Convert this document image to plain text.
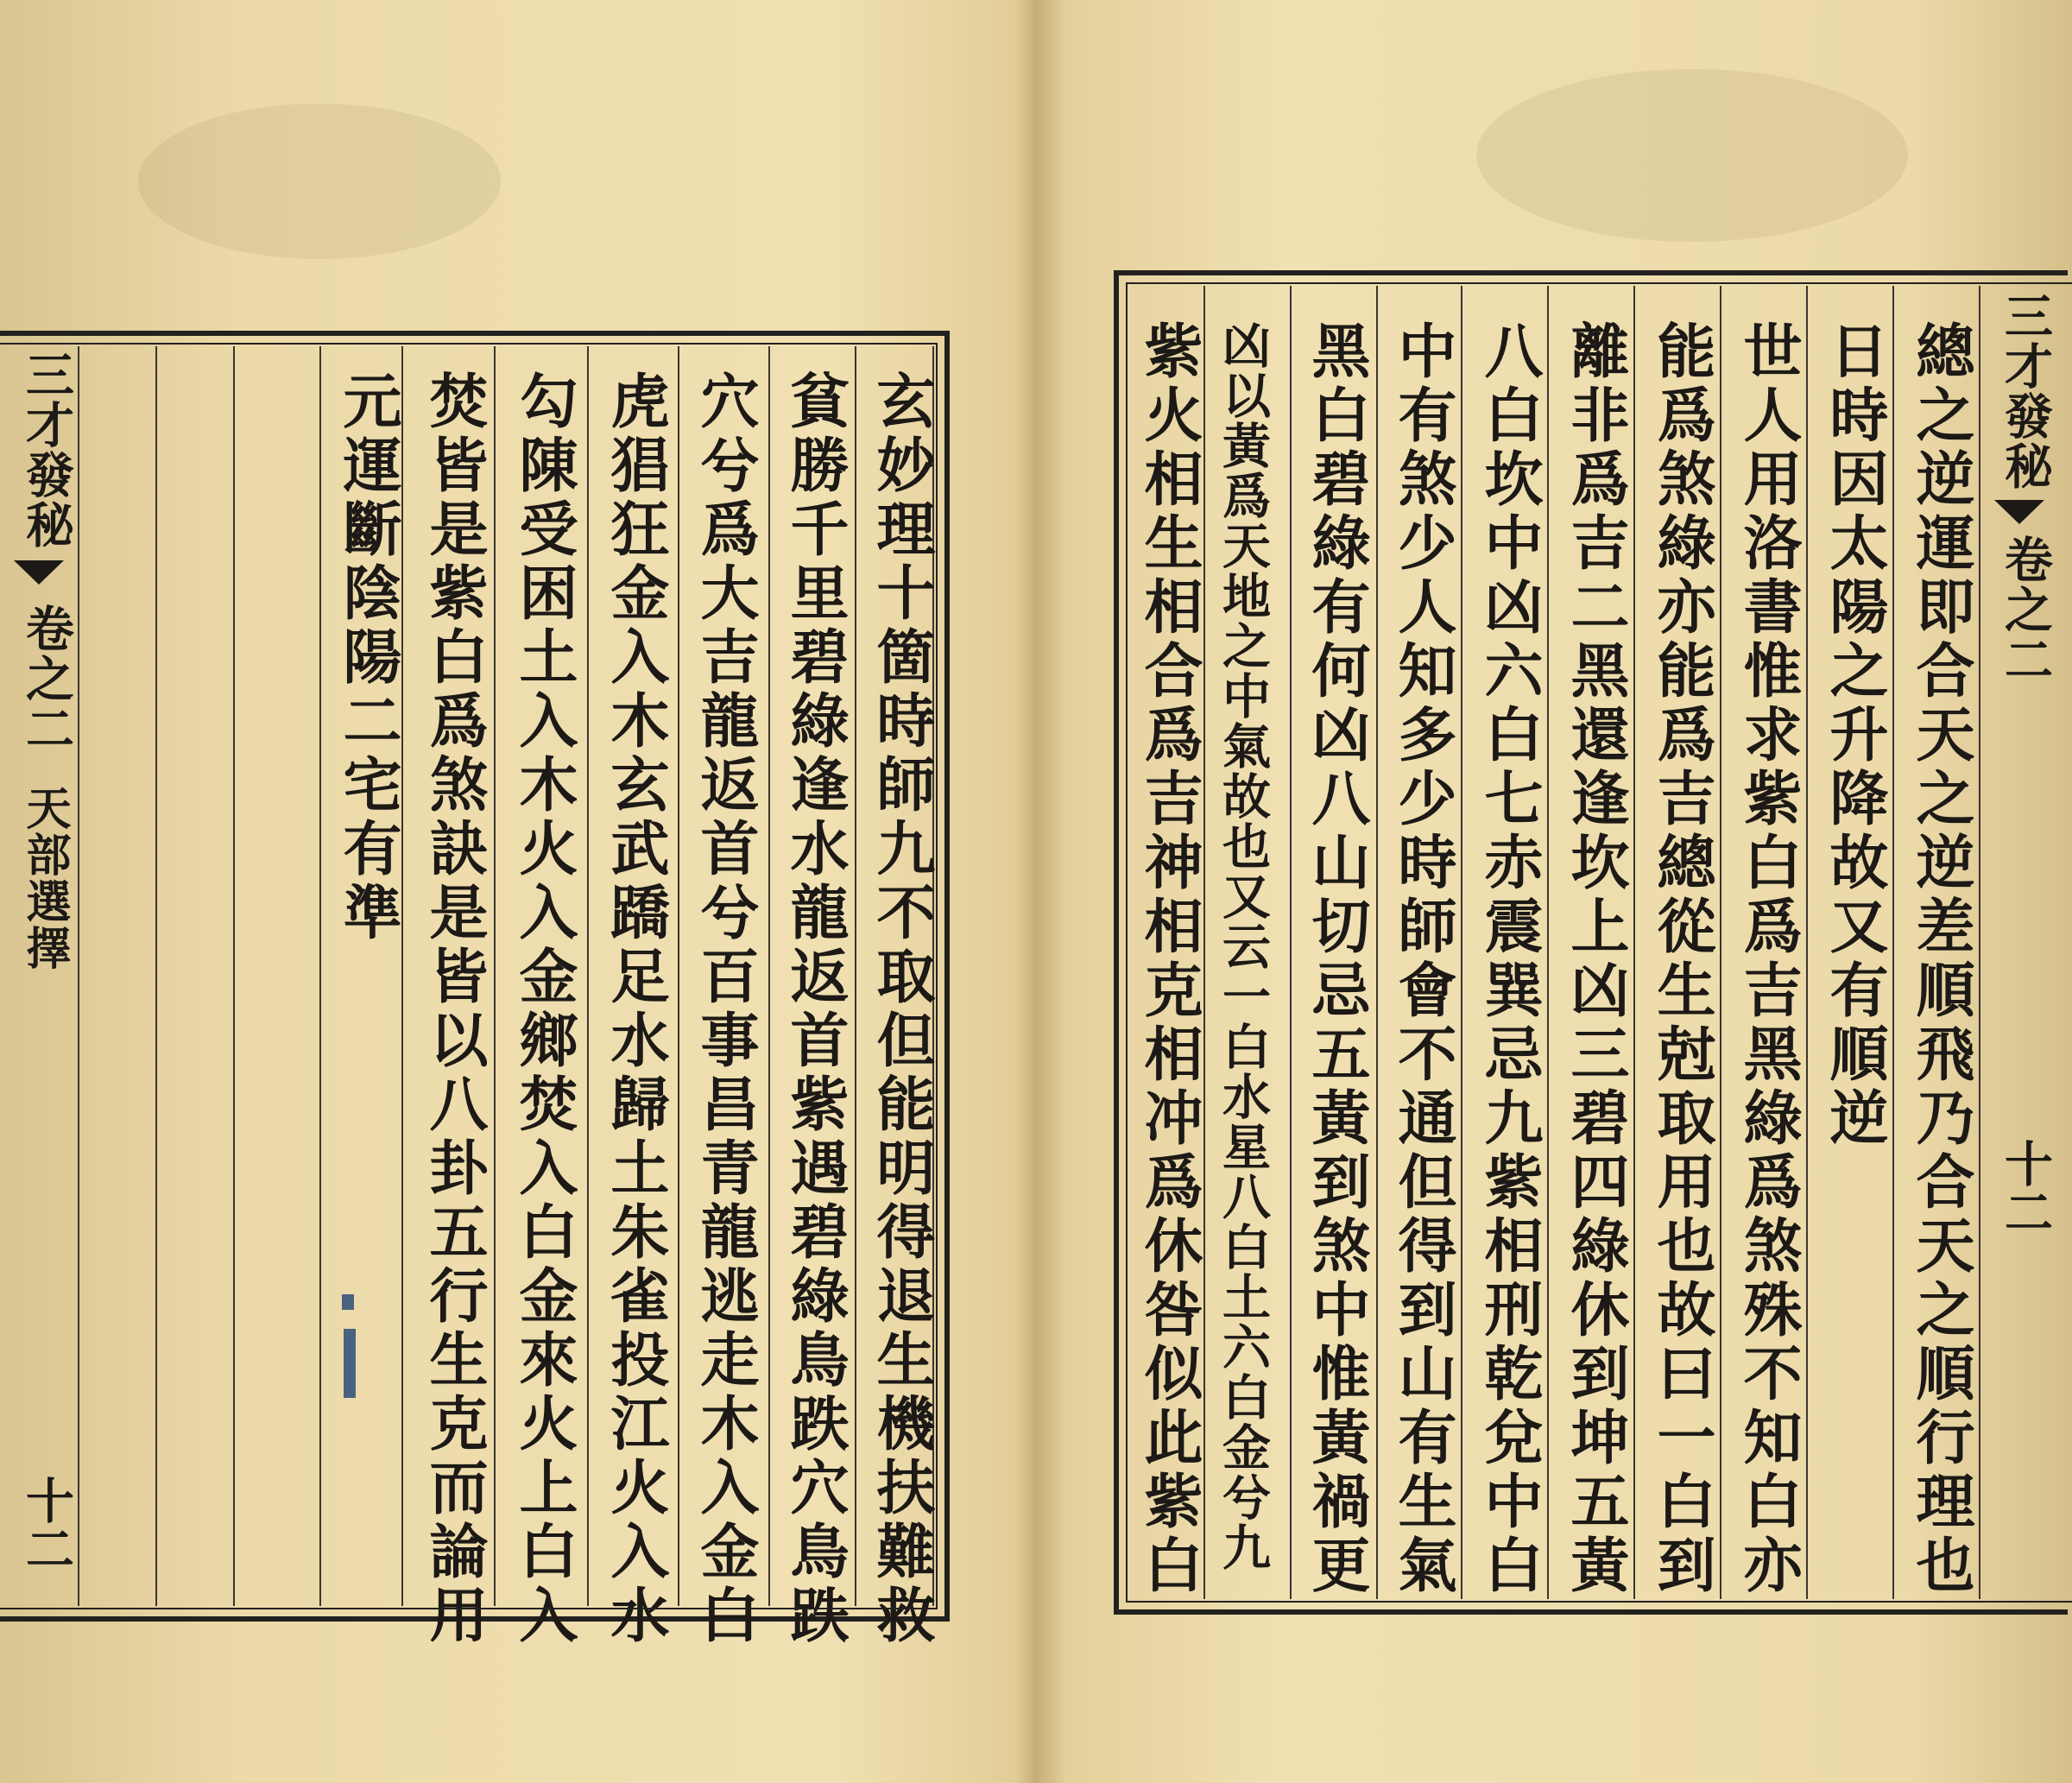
三才發秘
卷之二
天部選擇
十二	玄妙理十箇時師九不取但能明得退生機扶難救
貧勝千里碧綠逢水龍返首紫遇碧綠鳥跌穴鳥跌
穴兮爲大吉龍返首兮百事昌青龍逃走木入金白
虎猖狂金入木玄武蹻足水歸土朱雀投江火入水
勾陳受困土入木火入金鄉焚入白金來火上白入
焚皆是紫白爲煞訣是皆以八卦五行生克而論用
元運斷陰陽二宅有準	總之逆運即合天之逆差順飛乃合天之順行理也
日時因太陽之升降故又有順逆
世人用洛書惟求紫白爲吉黑綠爲煞殊不知白亦
能爲煞綠亦能爲吉總從生尅取用也故曰一白到
離非爲吉二黑還逢坎上凶三碧四綠休到坤五黃
八白坎中凶六白七赤震巽忌九紫相刑乾兌中白
中有煞少人知多少時師會不通但得到山有生氣
黑白碧綠有何凶八山切忌五黃到煞中惟黃禍更
凶以黃爲天地之中氣故也又云一白水星八白土六白金兮九
紫火相生相合爲吉神相克相冲爲休咎似此紫白	三才發秘
卷之二
十二
